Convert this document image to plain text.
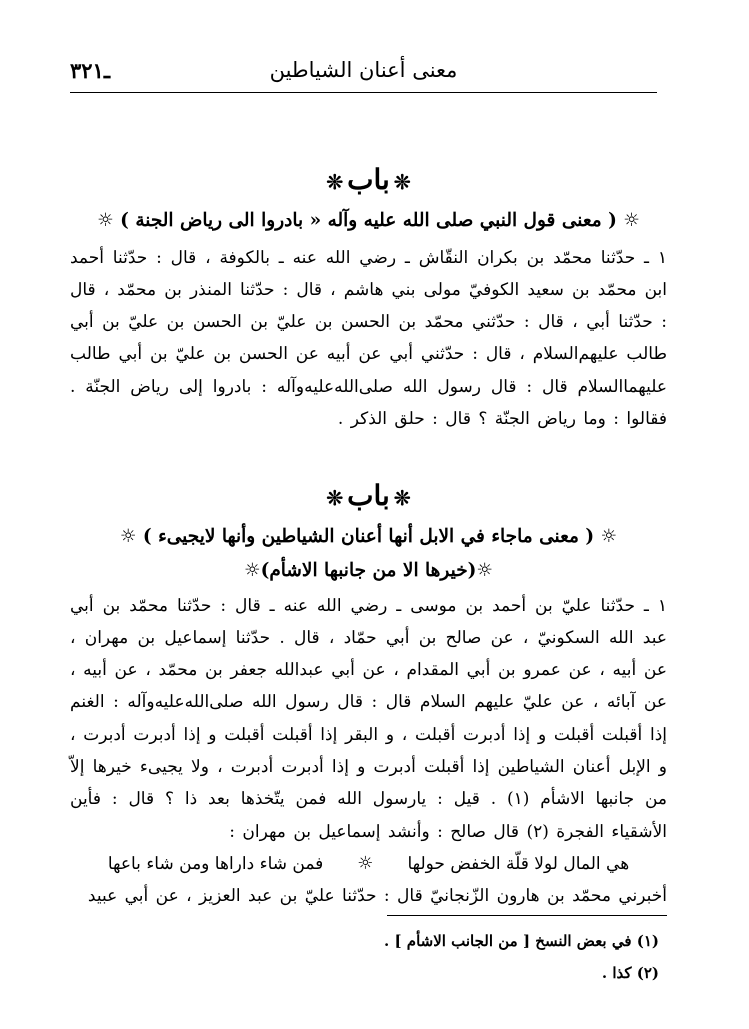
ـ٣٢١	معنى أعنان الشياطين

❊باب❊

☼ ( معنى قول النبي صلى الله عليه وآله « بادروا الى رياض الجنة ) ☼

١ ـ حدّثنا محمّد بن بكران النقّاش ـ رضي الله عنه ـ بالكوفة ، قال : حدّثنا أحمد ابن محمّد بن سعيد الكوفيّ مولى بني هاشم ، قال : حدّثنا المنذر بن محمّد ، قال : حدّثنا أبي ، قال : حدّثني محمّد بن الحسن بن عليّ بن الحسن بن عليّ بن أبي طالب عليهم‌السلام ، قال : حدّثني أبي عن أبيه عن الحسن بن عليّ بن أبي طالب عليهما‌السلام قال : قال رسول الله صلى‌الله‌عليه‌وآله : بادروا إلى رياض الجنّة . فقالوا : وما رياض الجنّة ؟ قال : حلق الذكر .

❊باب❊

☼ ( معنى ماجاء في الابل أنها أعنان الشياطين وأنها لايجيىء ) ☼

☼(خيرها الا من جانبها الاشأم)☼

١ ـ حدّثنا عليّ بن أحمد بن موسى ـ رضي الله عنه ـ قال : حدّثنا محمّد بن أبي عبد الله السكونيّ ، عن صالح بن أبي حمّاد ، قال . حدّثنا إسماعيل بن مهران ، عن أبيه ، عن عمرو بن أبي المقدام ، عن أبي عبدالله جعفر بن محمّد ، عن أبيه ، عن آبائه ، عن عليّ عليهم السلام قال : قال رسول الله صلى‌الله‌عليه‌وآله : الغنم إذا أقبلت أقبلت و إذا أدبرت أقبلت ، و البقر إذا أقبلت أقبلت و إذا أدبرت أدبرت ، و الإبل أعنان الشياطين إذا أقبلت أدبرت و إذا أدبرت أدبرت ، ولا يجيىء خيرها إلاّ من جانبها الاشأم (١) . قيل : يارسول الله فمن يتّخذها بعد ذا ؟ قال : فأين الأشقياء الفجرة (٢) قال صالح : وأنشد إسماعيل بن مهران :

هي المال لولا قلّة الخفض حولها
☼
فمن شاء داراها ومن شاء باعها

أخبرني محمّد بن هارون الزّنجانيّ قال : حدّثنا عليّ بن عبد العزيز ، عن أبي عبيد

(١) في بعض النسخ [ من الجانب الاشأم ] .

(٢) كذا .
